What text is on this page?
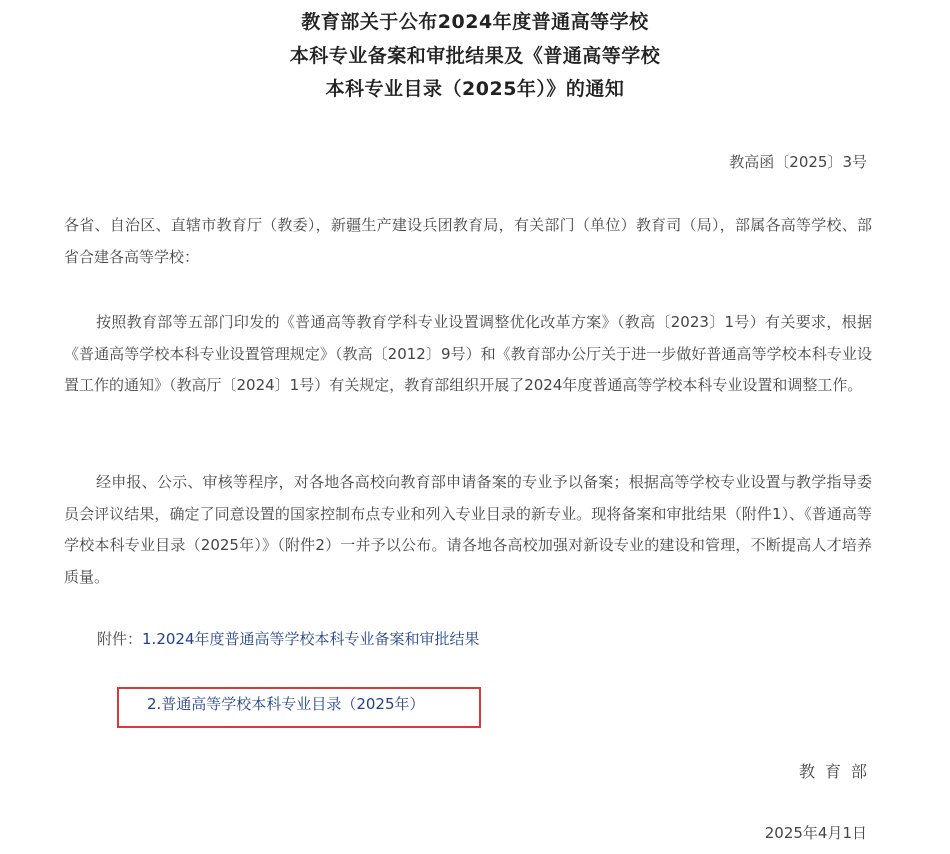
教育部关于公布2024年度普通高等学校
本科专业备案和审批结果及《普通高等学校
本科专业目录（2025年）》的通知
教高函〔2025〕3号
各省、自治区、直辖市教育厅（教委），新疆生产建设兵团教育局，有关部门（单位）教育司（局），部属各高等学校、部省合建各高等学校：
按照教育部等五部门印发的《普通高等教育学科专业设置调整优化改革方案》（教高〔2023〕1号）有关要求，根据《普通高等学校本科专业设置管理规定》（教高〔2012〕9号）和《教育部办公厅关于进一步做好普通高等学校本科专业设置工作的通知》（教高厅〔2024〕1号）有关规定，教育部组织开展了2024年度普通高等学校本科专业设置和调整工作。
经申报、公示、审核等程序，对各地各高校向教育部申请备案的专业予以备案；根据高等学校专业设置与教学指导委员会评议结果，确定了同意设置的国家控制布点专业和列入专业目录的新专业。现将备案和审批结果（附件1）、《普通高等学校本科专业目录（2025年）》（附件2）一并予以公布。请各地各高校加强对新设专业的建设和管理，不断提高人才培养质量。
附件：1.2024年度普通高等学校本科专业备案和审批结果
2.普通高等学校本科专业目录（2025年）
教育部
2025年4月1日
